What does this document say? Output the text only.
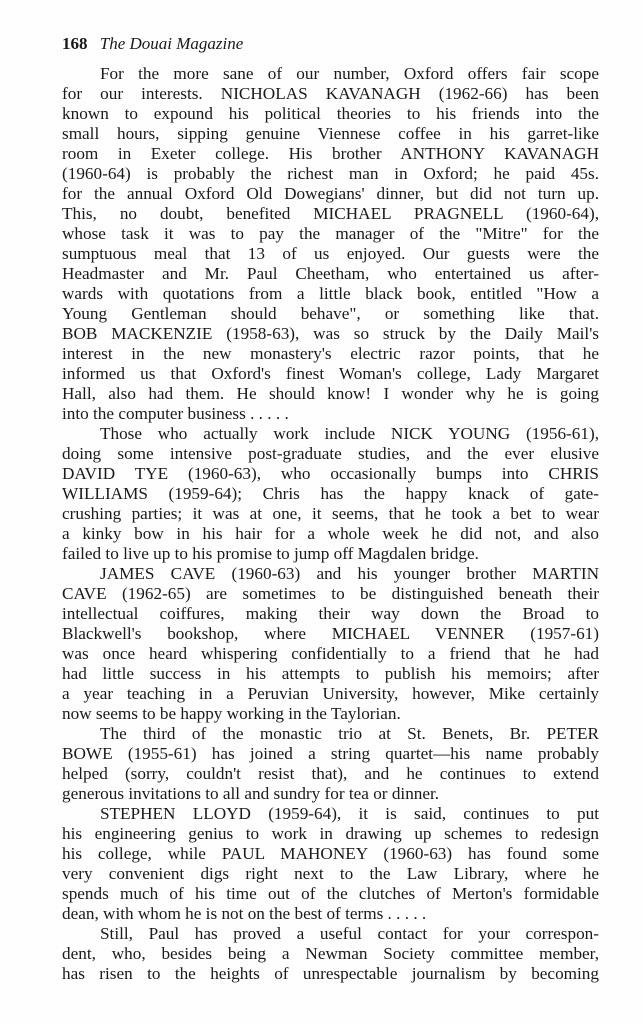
168 The Douai Magazine
For the more sane of our number, Oxford offers fair scope
for our interests. NICHOLAS KAVANAGH (1962-66) has been
known to expound his political theories to his friends into the
small hours, sipping genuine Viennese coffee in his garret-like
room in Exeter college. His brother ANTHONY KAVANAGH
(1960-64) is probably the richest man in Oxford; he paid 45s.
for the annual Oxford Old Dowegians' dinner, but did not turn up.
This, no doubt, benefited MICHAEL PRAGNELL (1960-64),
whose task it was to pay the manager of the "Mitre" for the
sumptuous meal that 13 of us enjoyed. Our guests were the
Headmaster and Mr. Paul Cheetham, who entertained us after-
wards with quotations from a little black book, entitled "How a
Young Gentleman should behave", or something like that.
BOB MACKENZIE (1958-63), was so struck by the Daily Mail's
interest in the new monastery's electric razor points, that he
informed us that Oxford's finest Woman's college, Lady Margaret
Hall, also had them. He should know! I wonder why he is going
into the computer business . . . . .
Those who actually work include NICK YOUNG (1956-61),
doing some intensive post-graduate studies, and the ever elusive
DAVID TYE (1960-63), who occasionally bumps into CHRIS
WILLIAMS (1959-64); Chris has the happy knack of gate-
crushing parties; it was at one, it seems, that he took a bet to wear
a kinky bow in his hair for a whole week he did not, and also
failed to live up to his promise to jump off Magdalen bridge.
JAMES CAVE (1960-63) and his younger brother MARTIN
CAVE (1962-65) are sometimes to be distinguished beneath their
intellectual coiffures, making their way down the Broad to
Blackwell's bookshop, where MICHAEL VENNER (1957-61)
was once heard whispering confidentially to a friend that he had
had little success in his attempts to publish his memoirs; after
a year teaching in a Peruvian University, however, Mike certainly
now seems to be happy working in the Taylorian.
The third of the monastic trio at St. Benets, Br. PETER
BOWE (1955-61) has joined a string quartet—his name probably
helped (sorry, couldn't resist that), and he continues to extend
generous invitations to all and sundry for tea or dinner.
STEPHEN LLOYD (1959-64), it is said, continues to put
his engineering genius to work in drawing up schemes to redesign
his college, while PAUL MAHONEY (1960-63) has found some
very convenient digs right next to the Law Library, where he
spends much of his time out of the clutches of Merton's formidable
dean, with whom he is not on the best of terms . . . . .
Still, Paul has proved a useful contact for your correspon-
dent, who, besides being a Newman Society committee member,
has risen to the heights of unrespectable journalism by becoming
